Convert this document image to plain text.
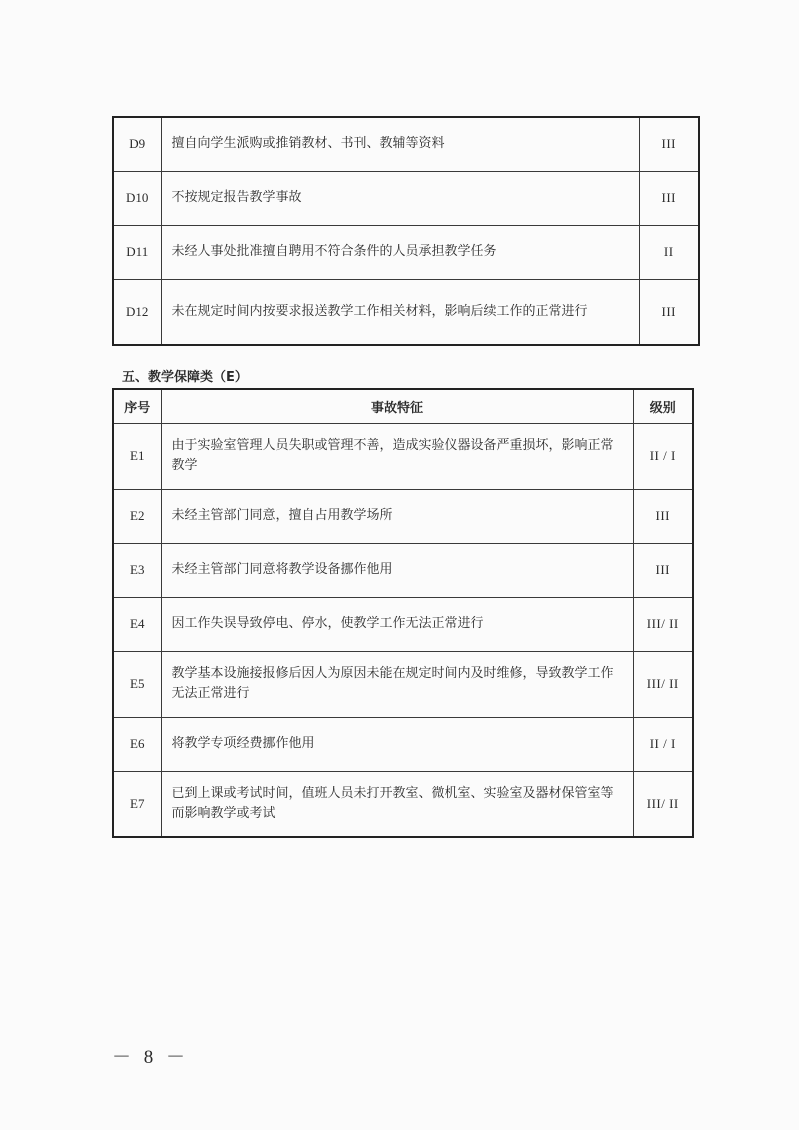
D9	擅自向学生派购或推销教材、书刊、教辅等资料	III
D10	不按规定报告教学事故	III
D11	未经人事处批准擅自聘用不符合条件的人员承担教学任务	II
D12	未在规定时间内按要求报送教学工作相关材料，影响后续工作的正常进行	III

五、教学保障类（E）

序号	事故特征	级别
E1	由于实验室管理人员失职或管理不善，造成实验仪器设备严重损坏，影响正常教学	II / I
E2	未经主管部门同意，擅自占用教学场所	III
E3	未经主管部门同意将教学设备挪作他用	III
E4	因工作失误导致停电、停水，使教学工作无法正常进行	III/ II
E5	教学基本设施接报修后因人为原因未能在规定时间内及时维修，导致教学工作无法正常进行	III/ II
E6	将教学专项经费挪作他用	II / I
E7	已到上课或考试时间，值班人员未打开教室、微机室、实验室及器材保管室等而影响教学或考试	III/ II
－ 8 －
